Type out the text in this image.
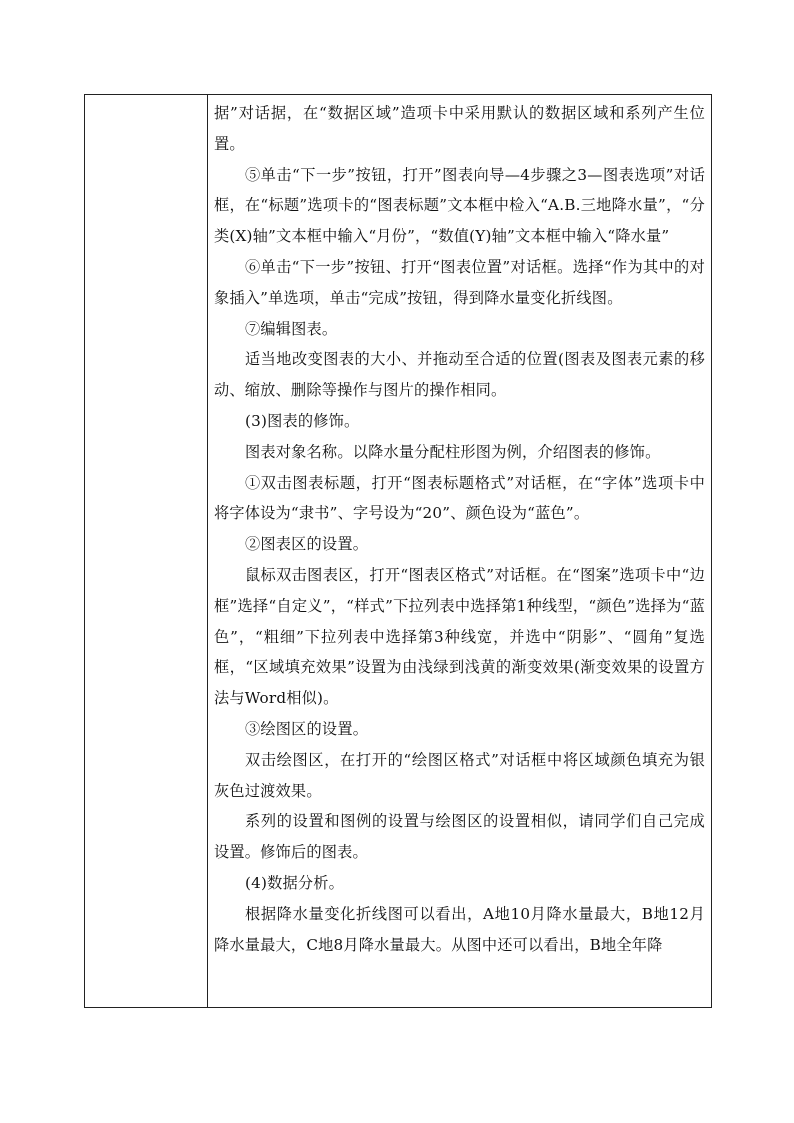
据”对话据，在“数据区域”造项卡中采用默认的数据区域和系列产生位置。

⑤单击“下一步”按钮，打开”图表向导—4步骤之3—图表选项”对话框，在“标题”选项卡的“图表标题”文本框中检入“A.B.三地降水量”，“分类(X)轴”文本框中输入“月份”，“数值(Y)轴”文本框中输入“降水量”

⑥单击“下一步”按钮、打开“图表位置”对话框。选择“作为其中的对象插入”单选项，单击“完成”按钮，得到降水量变化折线图。

⑦编辑图表。

适当地改变图表的大小、并拖动至合适的位置(图表及图表元素的移动、缩放、删除等操作与图片的操作相同。

(3)图表的修饰。

图表对象名称。以降水量分配柱形图为例，介绍图表的修饰。

①双击图表标题，打开“图表标题格式”对话框，在“字体”选项卡中将字体设为“隶书”、字号设为“20”、颜色设为“蓝色”。

②图表区的设置。

鼠标双击图表区，打开“图表区格式”对话框。在“图案”选项卡中“边框”选择“自定义”，“样式”下拉列表中选择第1种线型，“颜色”选择为“蓝色”，“粗细”下拉列表中选择第3种线宽，并选中“阴影”、“圆角”复选框，“区域填充效果”设置为由浅绿到浅黄的渐变效果(渐变效果的设置方法与Word相似)。

③绘图区的设置。

双击绘图区，在打开的“绘图区格式”对话框中将区域颜色填充为银灰色过渡效果。

系列的设置和图例的设置与绘图区的设置相似，请同学们自己完成设置。修饰后的图表。

(4)数据分析。

根据降水量变化折线图可以看出，A地10月降水量最大，B地12月降水量最大，C地8月降水量最大。从图中还可以看出，B地全年降
